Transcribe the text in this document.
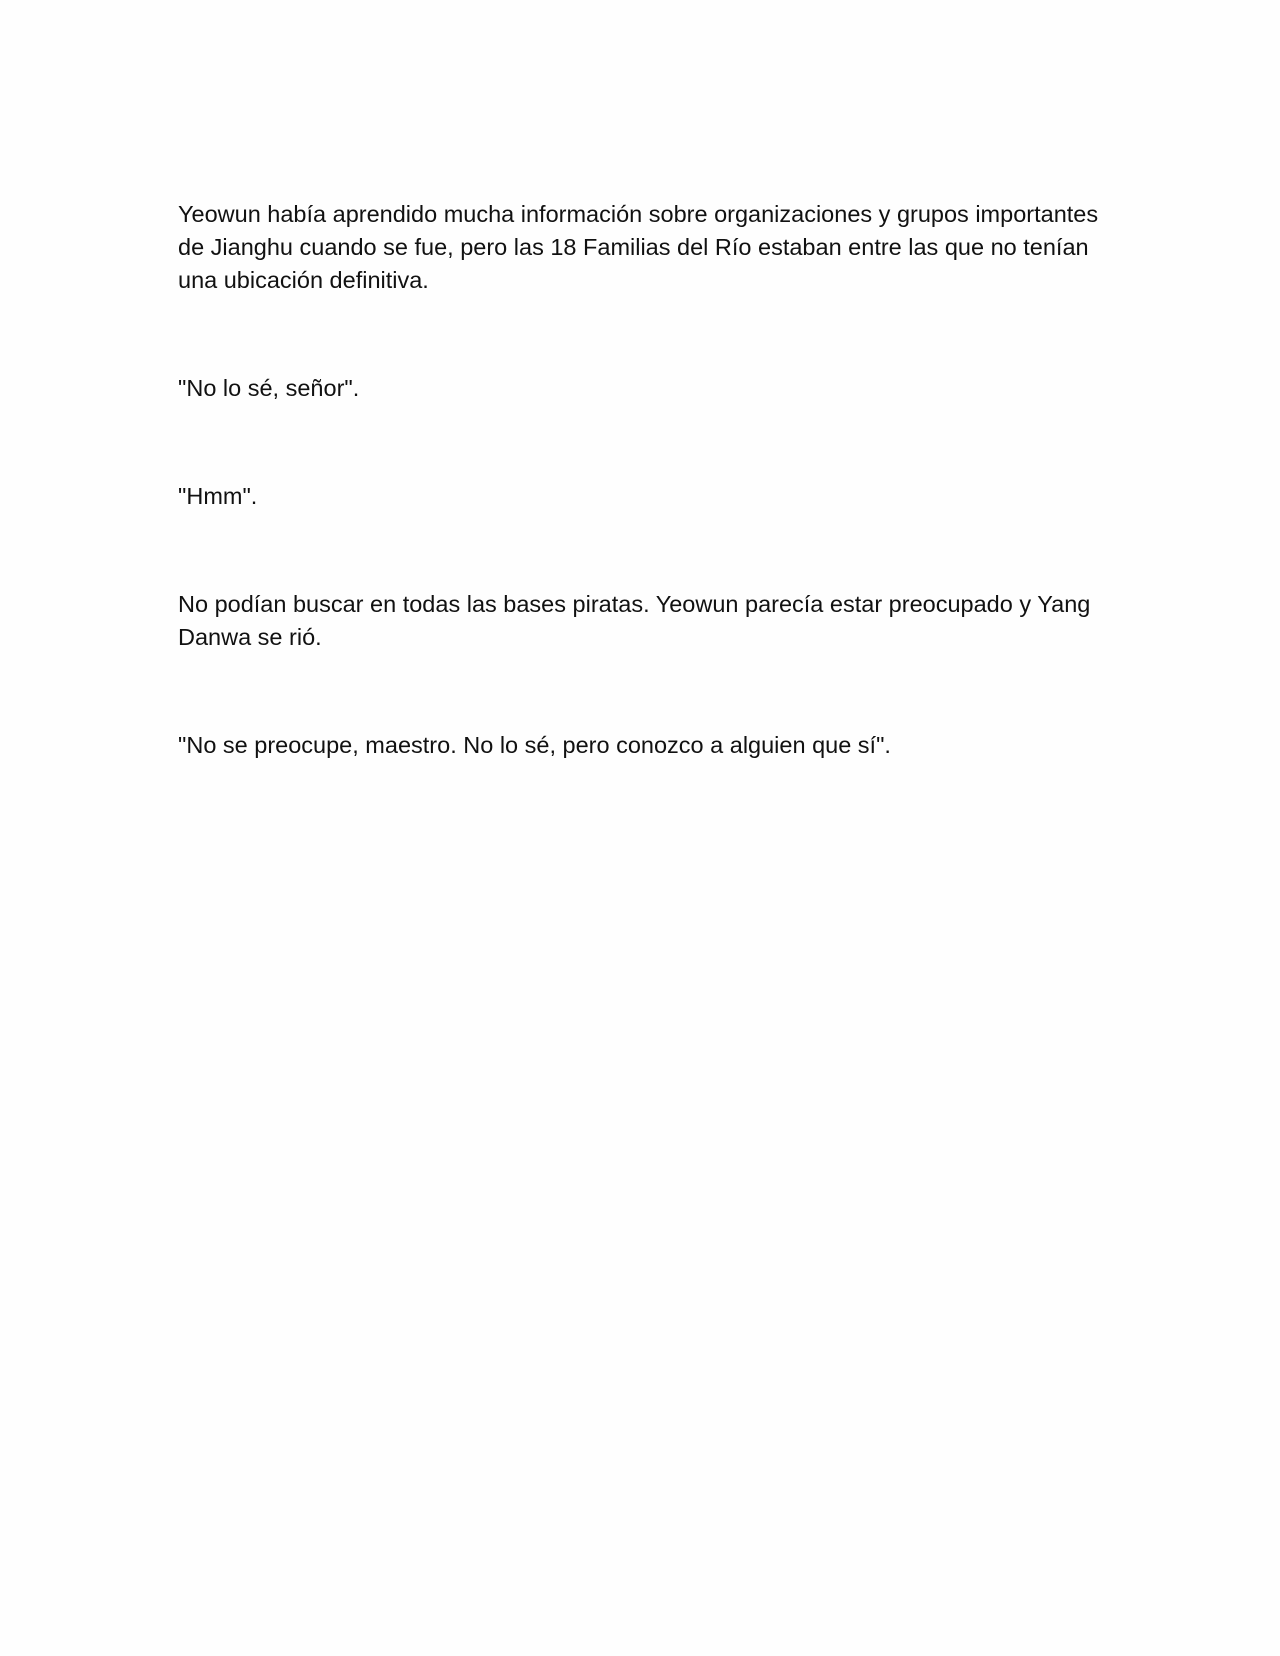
Yeowun había aprendido mucha información sobre organizaciones y grupos importantes de Jianghu cuando se fue, pero las 18 Familias del Río estaban entre las que no tenían una ubicación definitiva.

"No lo sé, señor".

"Hmm".

No podían buscar en todas las bases piratas. Yeowun parecía estar preocupado y Yang Danwa se rió.

"No se preocupe, maestro. No lo sé, pero conozco a alguien que sí".
